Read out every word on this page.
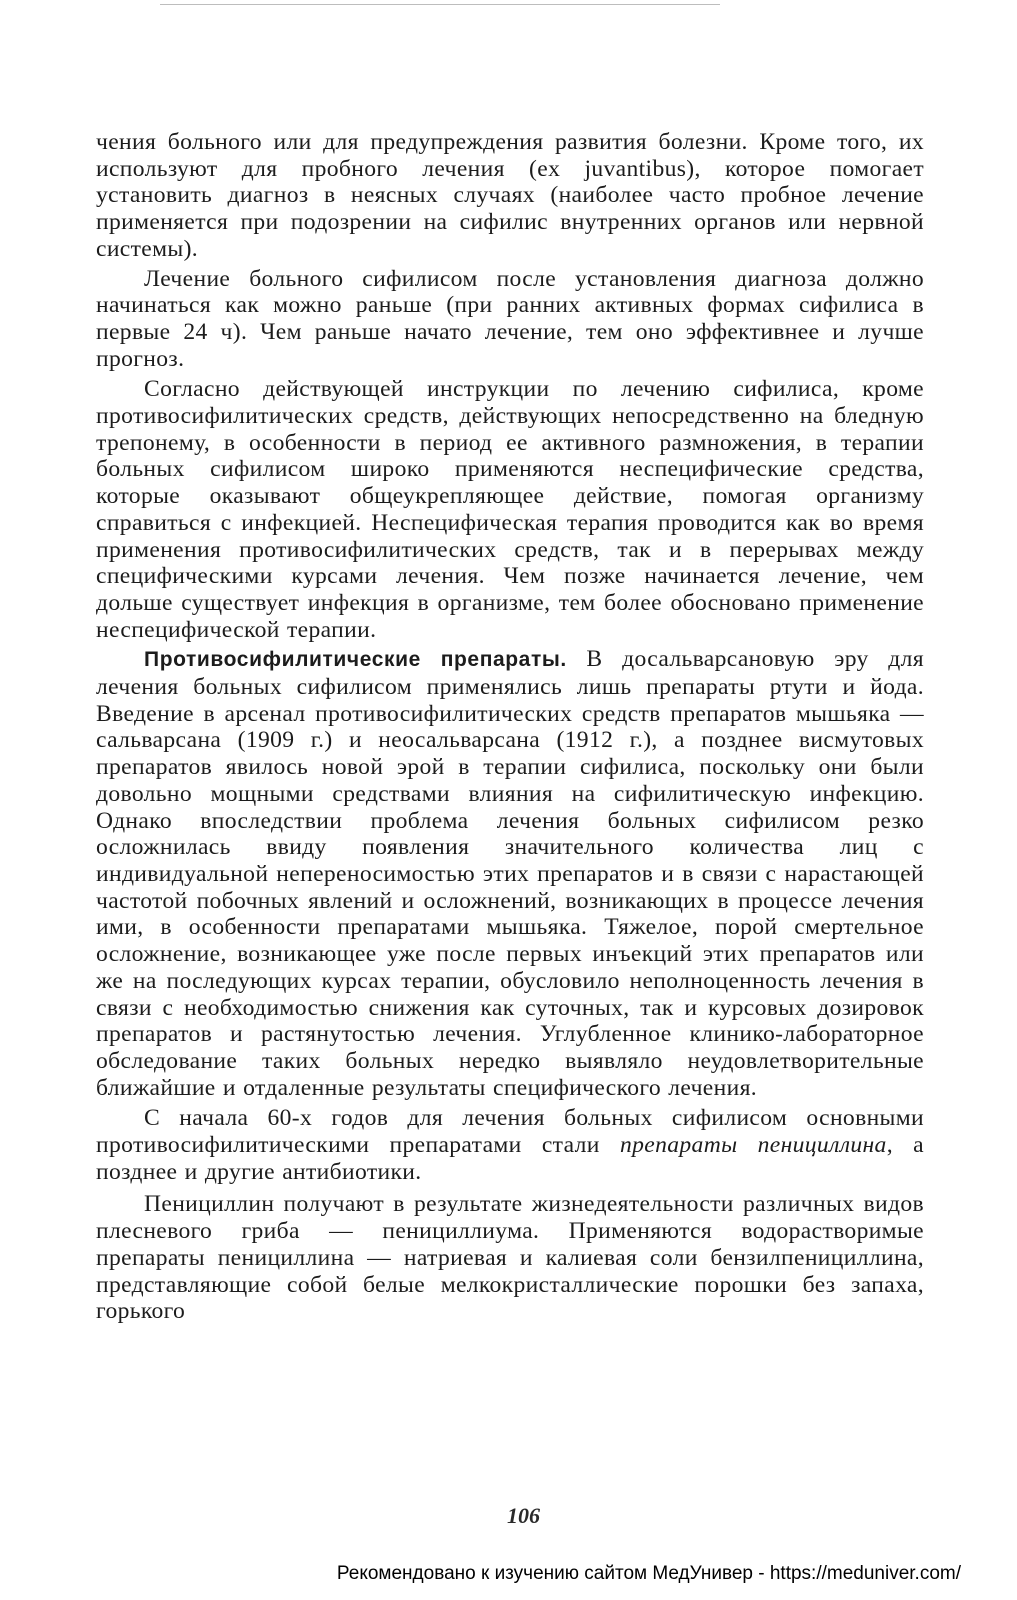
чения больного или для предупреждения развития болезни. Кроме того, их используют для пробного лечения (ex juvantibus), которое помогает установить диагноз в неясных случаях (наиболее часто пробное лечение применяется при подозрении на сифилис внутренних органов или нервной системы).

Лечение больного сифилисом после установления диагноза должно начинаться как можно раньше (при ранних активных формах сифилиса в первые 24 ч). Чем раньше начато лечение, тем оно эффективнее и лучше прогноз.

Согласно действующей инструкции по лечению сифилиса, кроме противосифилитических средств, действующих непосредственно на бледную трепонему, в особенности в период ее активного размножения, в терапии больных сифилисом широко применяются неспецифические средства, которые оказывают общеукрепляющее действие, помогая организму справиться с инфекцией. Неспецифическая терапия проводится как во время применения противосифилитических средств, так и в перерывах между специфическими курсами лечения. Чем позже начинается лечение, чем дольше существует инфекция в организме, тем более обосновано применение неспецифической терапии.

Противосифилитические препараты. В досальварсановую эру для лечения больных сифилисом применялись лишь препараты ртути и йода. Введение в арсенал противосифилитических средств препаратов мышьяка — сальварсана (1909 г.) и неосальварсана (1912 г.), а позднее висмутовых препаратов явилось новой эрой в терапии сифилиса, поскольку они были довольно мощными средствами влияния на сифилитическую инфекцию. Однако впоследствии проблема лечения больных сифилисом резко осложнилась ввиду появления значительного количества лиц с индивидуальной непереносимостью этих препаратов и в связи с нарастающей частотой побочных явлений и осложнений, возникающих в процессе лечения ими, в особенности препаратами мышьяка. Тяжелое, порой смертельное осложнение, возникающее уже после первых инъекций этих препаратов или же на последующих курсах терапии, обусловило неполноценность лечения в связи с необходимостью снижения как суточных, так и курсовых дозировок препаратов и растянутостью лечения. Углубленное клинико-лабораторное обследование таких больных нередко выявляло неудовлетворительные ближайшие и отдаленные результаты специфического лечения.

С начала 60-х годов для лечения больных сифилисом основными противосифилитическими препаратами стали препараты пенициллина, а позднее и другие антибиотики.

Пенициллин получают в результате жизнедеятельности различных видов плесневого гриба — пенициллиума. Применяются водорастворимые препараты пенициллина — натриевая и калиевая соли бензилпенициллина, представляющие собой белые мелкокристаллические порошки без запаха, горького

106
Рекомендовано к изучению сайтом МедУнивер - https://meduniver.com/
